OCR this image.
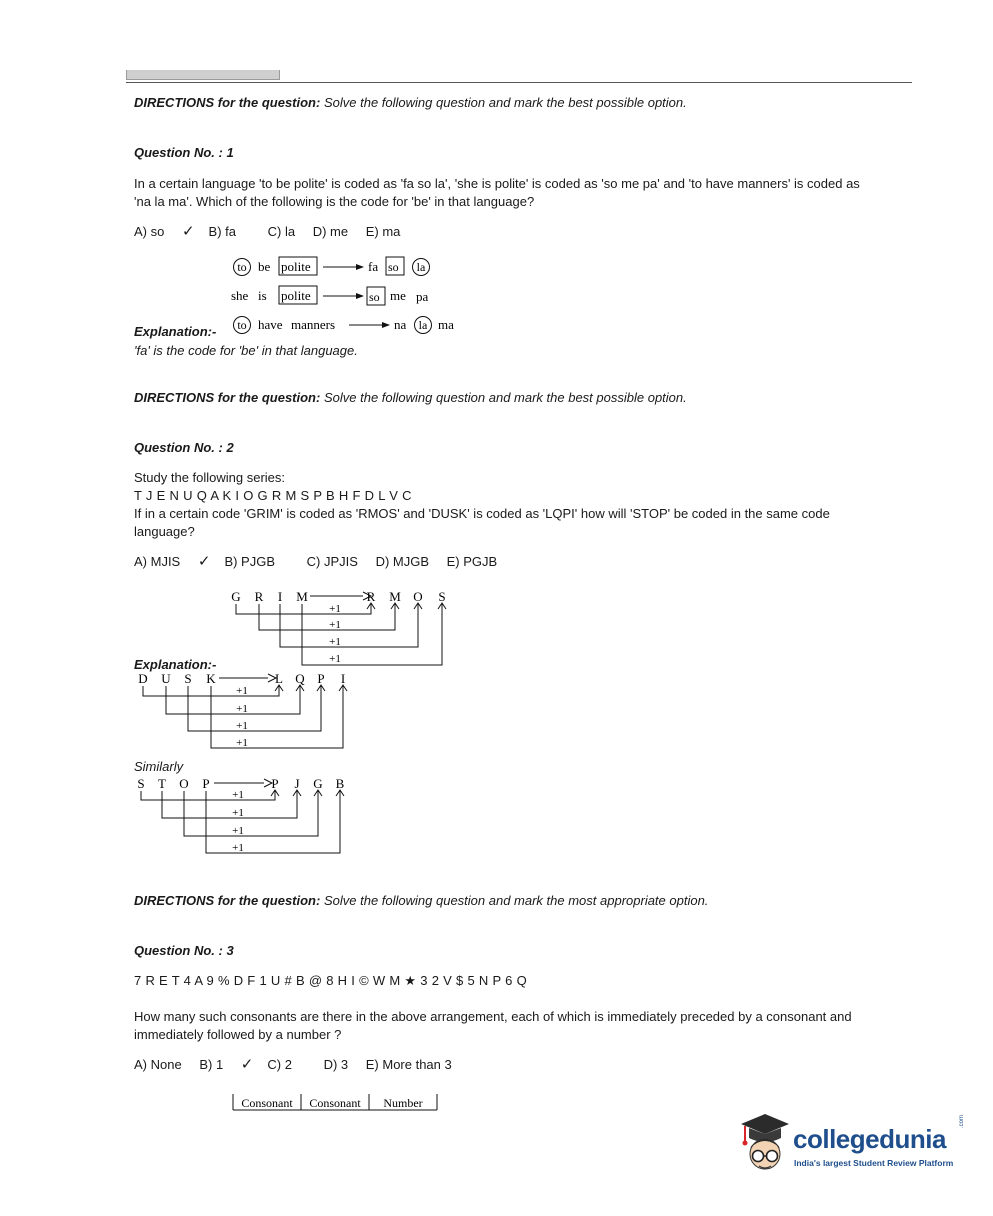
DIRECTIONS for the question: Solve the following question and mark the best possible option.
Question No. : 1
In a certain language 'to be polite' is coded as 'fa so la', 'she is polite' is coded as 'so me pa' and 'to have manners' is coded as
'na la ma'. Which of the following is the code for 'be' in that language?
A) so ✓ B) fa C) la D) me E) ma
to be polite	fa so la
she is polite	so me pa
to have manners	na la ma
Explanation:-
'fa' is the code for 'be' in that language.
DIRECTIONS for the question: Solve the following question and mark the best possible option.
Question No. : 2
Study the following series:
T J E N U Q A K I O G R M S P B H F D L V C
If in a certain code 'GRIM' is coded as 'RMOS' and 'DUSK' is coded as 'LQPI' how will 'STOP' be coded in the same code
language?
A) MJIS ✓ B) PJGB C) JPJIS D) MJGB E) PGJB
Explanation:-
Similarly
G R I M	R M O S
+1
+1
+1
+1
D U S K	L Q P I
+1
+1
+1
+1
S T O P	P J G B
+1
+1
+1
+1
DIRECTIONS for the question: Solve the following question and mark the most appropriate option.
Question No. : 3
7 R E T 4 A 9 % D F 1 U # B @ 8 H I © W M ★ 3 2 V $ 5 N P 6 Q
How many such consonants are there in the above arrangement, each of which is immediately preceded by a consonant and
immediately followed by a number ?
A) None B) 1 ✓ C) 2 D) 3 E) More than 3
Consonant Consonant Number
collegedunia
.com
India's largest Student Review Platform
